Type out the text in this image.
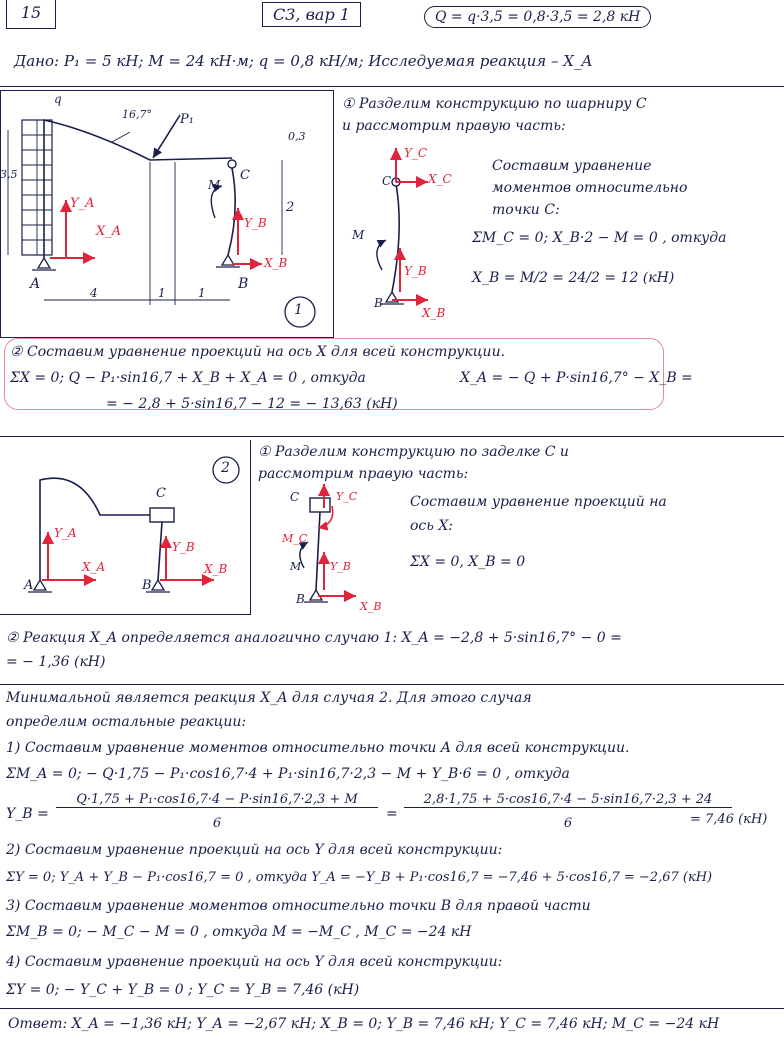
15	C3, вар 1	Q = q·3,5 = 0,8·3,5 = 2,8 кН
Дано: P₁ = 5 кН; M = 24 кН·м; q = 0,8 кН/м; Исследуемая реакция – X_A
q
P₁
16,7°
3,5
0,3
2
4	1	1
A	B
C
M
Y_A
X_A
Y_B
X_B
1
① Разделим конструкцию по шарниру C
и рассмотрим правую часть:
Y_C
C	X_C
M
Y_B
B
X_B
Составим уравнение
моментов относительно
точки C:
ΣM_C = 0; X_B·2 − M = 0 , откуда
X_B = M/2 = 24/2 = 12 (кН)
② Составим уравнение проекций на ось X для всей конструкции.
ΣX = 0; Q − P₁·sin16,7 + X_B + X_A = 0 , откуда	X_A = − Q + P·sin16,7° − X_B =
= − 2,8 + 5·sin16,7 − 12 = − 13,63 (кН)
2
C
A	B
Y_A
X_A
Y_B
X_B
① Разделим конструкцию по заделке C и
рассмотрим правую часть:
C	Y_C
M_C
M	Y_B
B
X_B
Составим уравнение проекций на
ось X:
ΣX = 0, X_B = 0
② Реакция X_A определяется аналогично случаю 1: X_A = −2,8 + 5·sin16,7° − 0 =
= − 1,36 (кН)
Минимальной является реакция X_A для случая 2. Для этого случая
определим остальные реакции:
1) Составим уравнение моментов относительно точки A для всей конструкции.
ΣM_A = 0; − Q·1,75 − P₁·cos16,7·4 + P₁·sin16,7·2,3 − M + Y_B·6 = 0 , откуда
Y_B =
Q·1,75 + P₁·cos16,7·4 − P·sin16,7·2,3 + M
6
=
2,8·1,75 + 5·cos16,7·4 − 5·sin16,7·2,3 + 24
6	= 7,46 (кН)
2) Составим уравнение проекций на ось Y для всей конструкции:
ΣY = 0; Y_A + Y_B − P₁·cos16,7 = 0 , откуда Y_A = −Y_B + P₁·cos16,7 = −7,46 + 5·cos16,7 = −2,67 (кН)
3) Составим уравнение моментов относительно точки B для правой части
ΣM_B = 0; − M_C − M = 0 , откуда M = −M_C , M_C = −24 кН
4) Составим уравнение проекций на ось Y для всей конструкции:
ΣY = 0; − Y_C + Y_B = 0 ; Y_C = Y_B = 7,46 (кН)
Ответ: X_A = −1,36 кН; Y_A = −2,67 кН; X_B = 0; Y_B = 7,46 кН; Y_C = 7,46 кН; M_C = −24 кН
